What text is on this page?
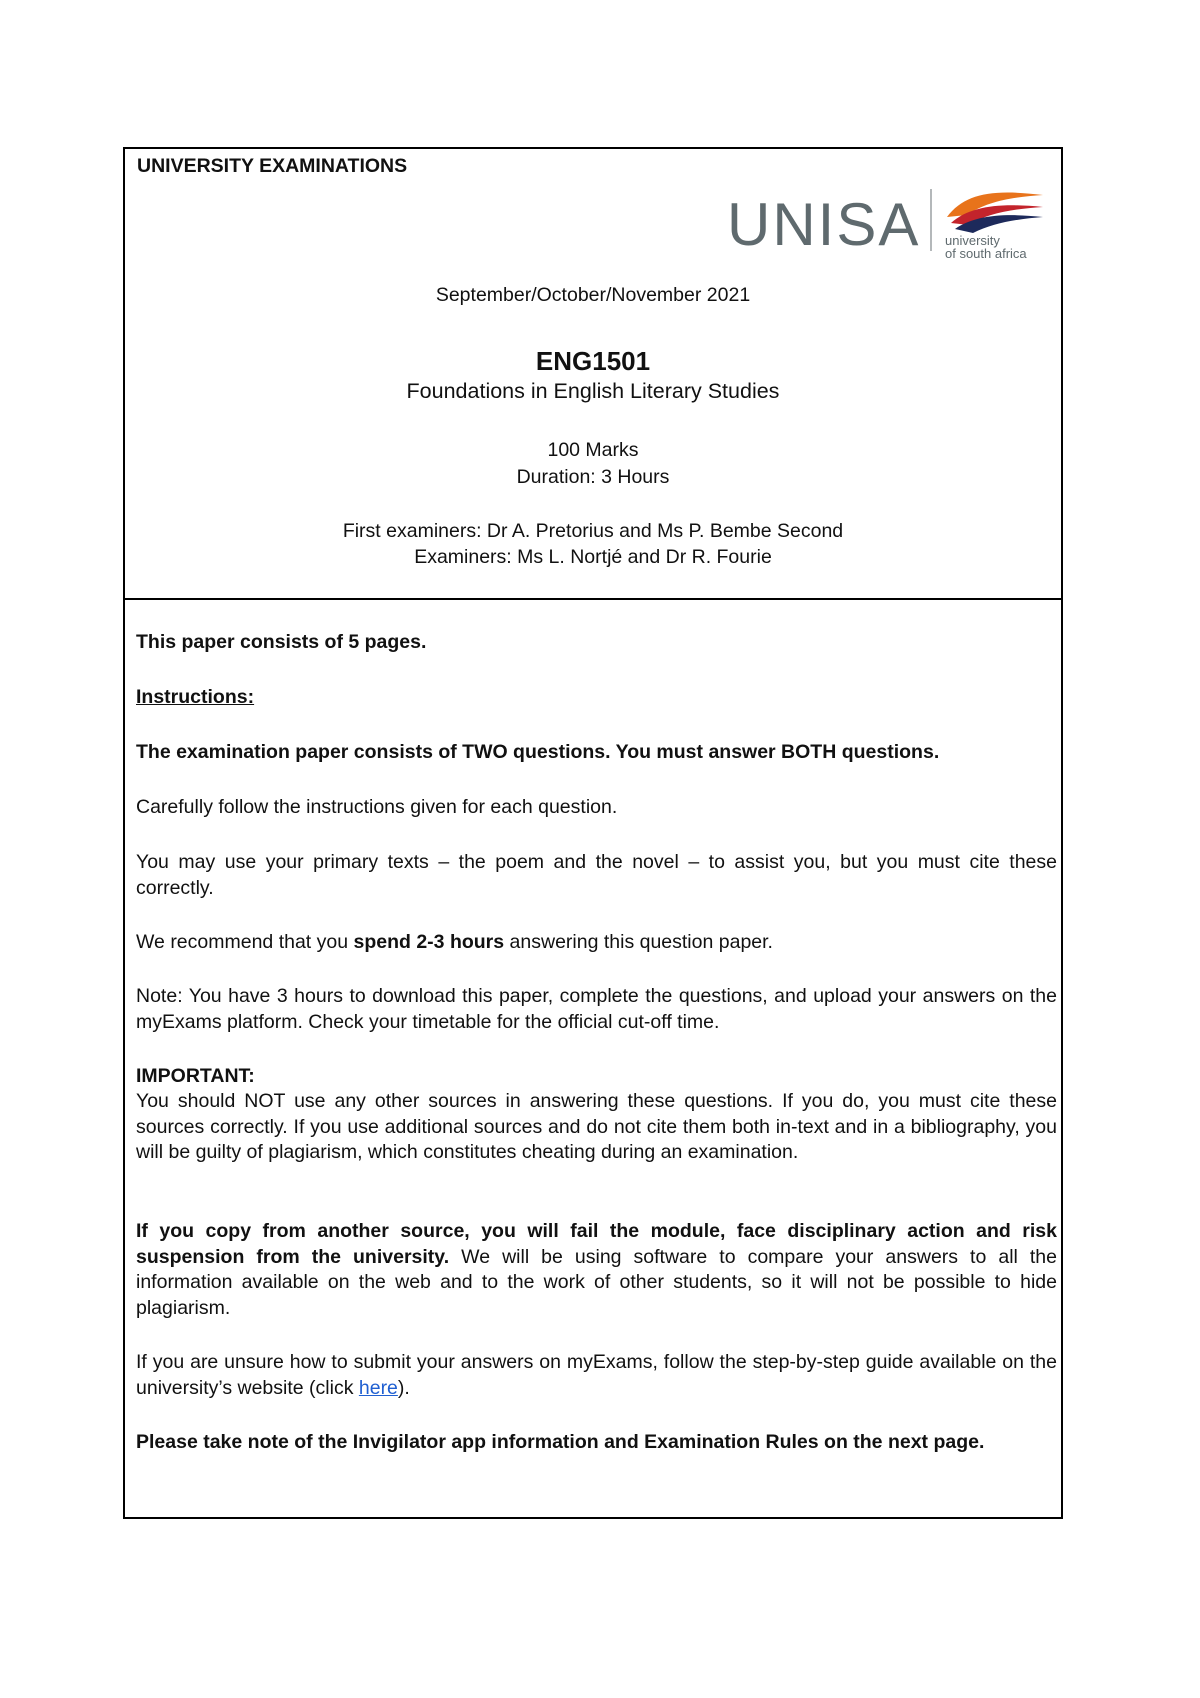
UNIVERSITY EXAMINATIONS
UNISA university
of south africa
September/October/November 2021
ENG1501
Foundations in English Literary Studies
100 Marks
Duration: 3 Hours
First examiners: Dr A. Pretorius and Ms P. Bembe Second
Examiners: Ms L. Nortjé and Dr R. Fourie
This paper consists of 5 pages.
Instructions:
The examination paper consists of TWO questions. You must answer BOTH questions.
Carefully follow the instructions given for each question.
You may use your primary texts – the poem and the novel – to assist you, but you must cite these correctly.
We recommend that you spend 2-3 hours answering this question paper.
Note: You have 3 hours to download this paper, complete the questions, and upload your answers on the myExams platform. Check your timetable for the official cut-off time.
IMPORTANT:
You should NOT use any other sources in answering these questions. If you do, you must cite these sources correctly. If you use additional sources and do not cite them both in-text and in a bibliography, you will be guilty of plagiarism, which constitutes cheating during an examination.
If you copy from another source, you will fail the module, face disciplinary action and risk suspension from the university. We will be using software to compare your answers to all the information available on the web and to the work of other students, so it will not be possible to hide plagiarism.
If you are unsure how to submit your answers on myExams, follow the step-by-step guide available on the university’s website (click here).
Please take note of the Invigilator app information and Examination Rules on the next page.
